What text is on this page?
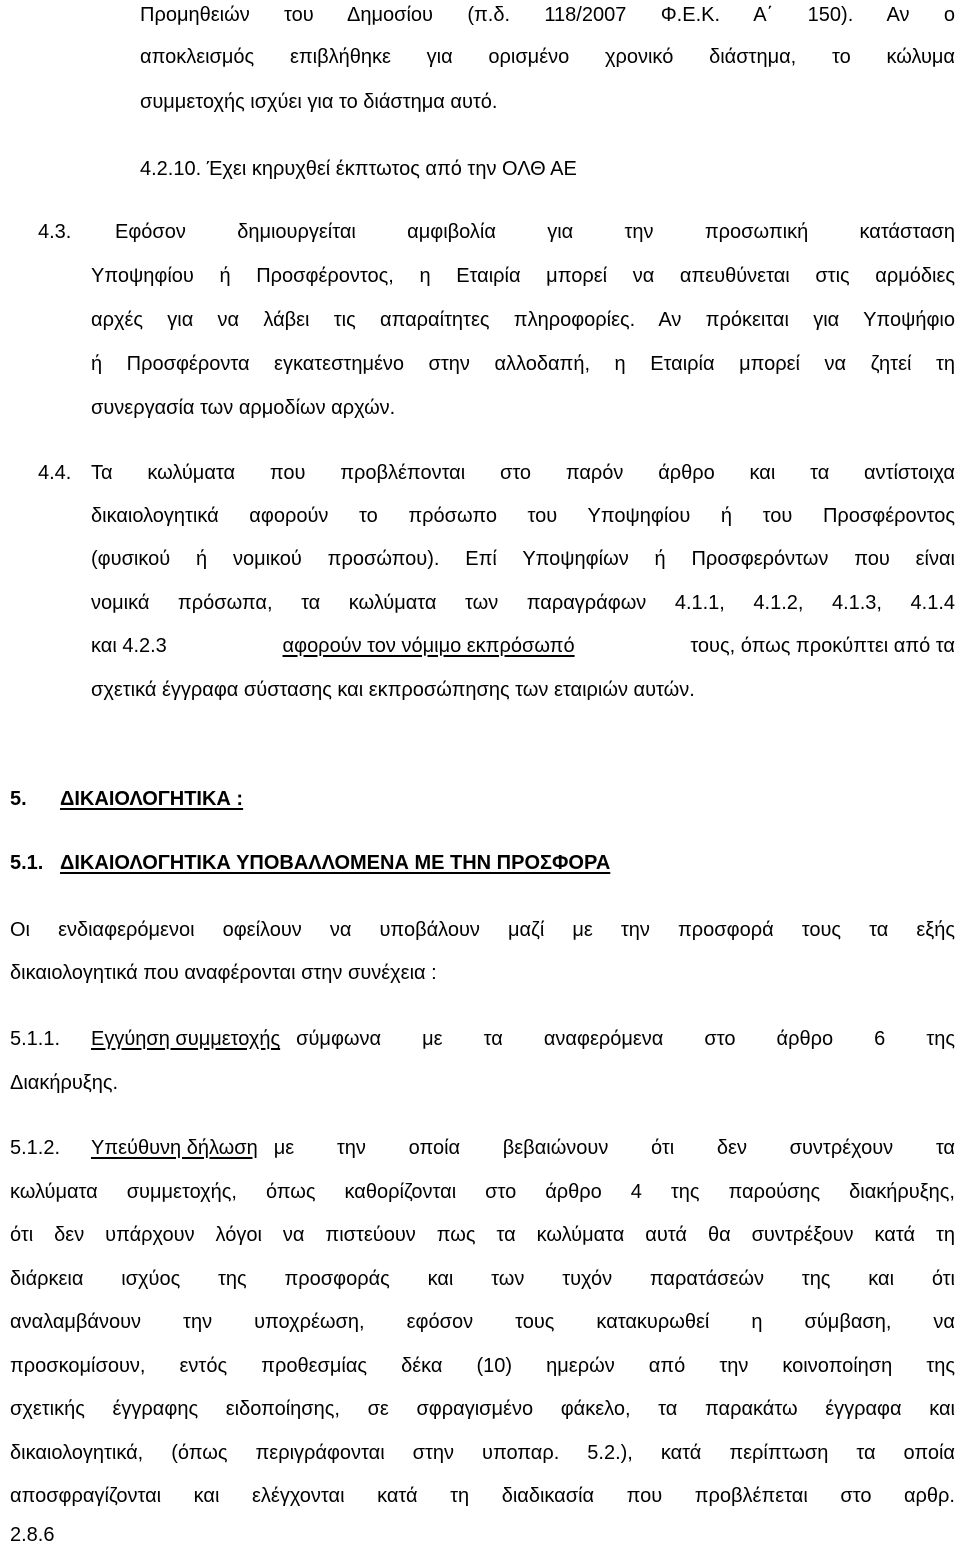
Προμηθειών του Δημοσίου (π.δ. 118/2007 Φ.Ε.Κ. Α΄ 150). Αν ο
αποκλεισμός επιβλήθηκε για ορισμένο χρονικό διάστημα, το κώλυμα
συμμετοχής ισχύει για το διάστημα αυτό.
4.2.10. Έχει κηρυχθεί έκπτωτος από την ΟΛΘ ΑΕ
4.3. Εφόσον δημιουργείται αμφιβολία για την προσωπική κατάσταση
Υποψηφίου ή Προσφέροντος, η Εταιρία μπορεί να απευθύνεται στις αρμόδιες
αρχές για να λάβει τις απαραίτητες πληροφορίες. Αν πρόκειται για Υποψήφιο
ή Προσφέροντα εγκατεστημένο στην αλλοδαπή, η Εταιρία μπορεί να ζητεί τη
συνεργασία των αρμοδίων αρχών.
4.4. Τα κωλύματα που προβλέπονται στο παρόν άρθρο και τα αντίστοιχα
δικαιολογητικά αφορούν το πρόσωπο του Υποψηφίου ή του Προσφέροντος
(φυσικού ή νομικού προσώπου). Επί Υποψηφίων ή Προσφερόντων που είναι
νομικά πρόσωπα, τα κωλύματα των παραγράφων 4.1.1, 4.1.2, 4.1.3, 4.1.4
και 4.2.3	αφορούν τον νόμιμο εκπρόσωπό	τους, όπως προκύπτει από τα
σχετικά έγγραφα σύστασης και εκπροσώπησης των εταιριών αυτών.
5. ΔΙΚΑΙΟΛΟΓΗΤΙΚΑ :
5.1. ΔΙΚΑΙΟΛΟΓΗΤΙΚΑ ΥΠΟΒΑΛΛΟΜΕΝΑ ΜΕ ΤΗΝ ΠΡΟΣΦΟΡΑ
Οι ενδιαφερόμενοι οφείλουν να υποβάλουν μαζί με την προσφορά τους τα εξής
δικαιολογητικά που αναφέρονται στην συνέχεια :
5.1.1. Εγγύηση συμμετοχής σύμφωνα με τα αναφερόμενα στο άρθρο 6 της
Διακήρυξης.
5.1.2. Υπεύθυνη δήλωση με την οποία βεβαιώνουν ότι δεν συντρέχουν τα
κωλύματα συμμετοχής, όπως καθορίζονται στο άρθρο 4 της παρούσης διακήρυξης,
ότι δεν υπάρχουν λόγοι να πιστεύουν πως τα κωλύματα αυτά θα συντρέξουν κατά τη
διάρκεια ισχύος της προσφοράς και των τυχόν παρατάσεών της και ότι
αναλαμβάνουν την υποχρέωση, εφόσον τους κατακυρωθεί η σύμβαση, να
προσκομίσουν, εντός προθεσμίας δέκα (10) ημερών από την κοινοποίηση της
σχετικής έγγραφης ειδοποίησης, σε σφραγισμένο φάκελο, τα παρακάτω έγγραφα και
δικαιολογητικά, (όπως περιγράφονται στην υποπαρ. 5.2.), κατά περίπτωση τα οποία
αποσφραγίζονται και ελέγχονται κατά τη διαδικασία που προβλέπεται στο αρθρ.
2.8.6
